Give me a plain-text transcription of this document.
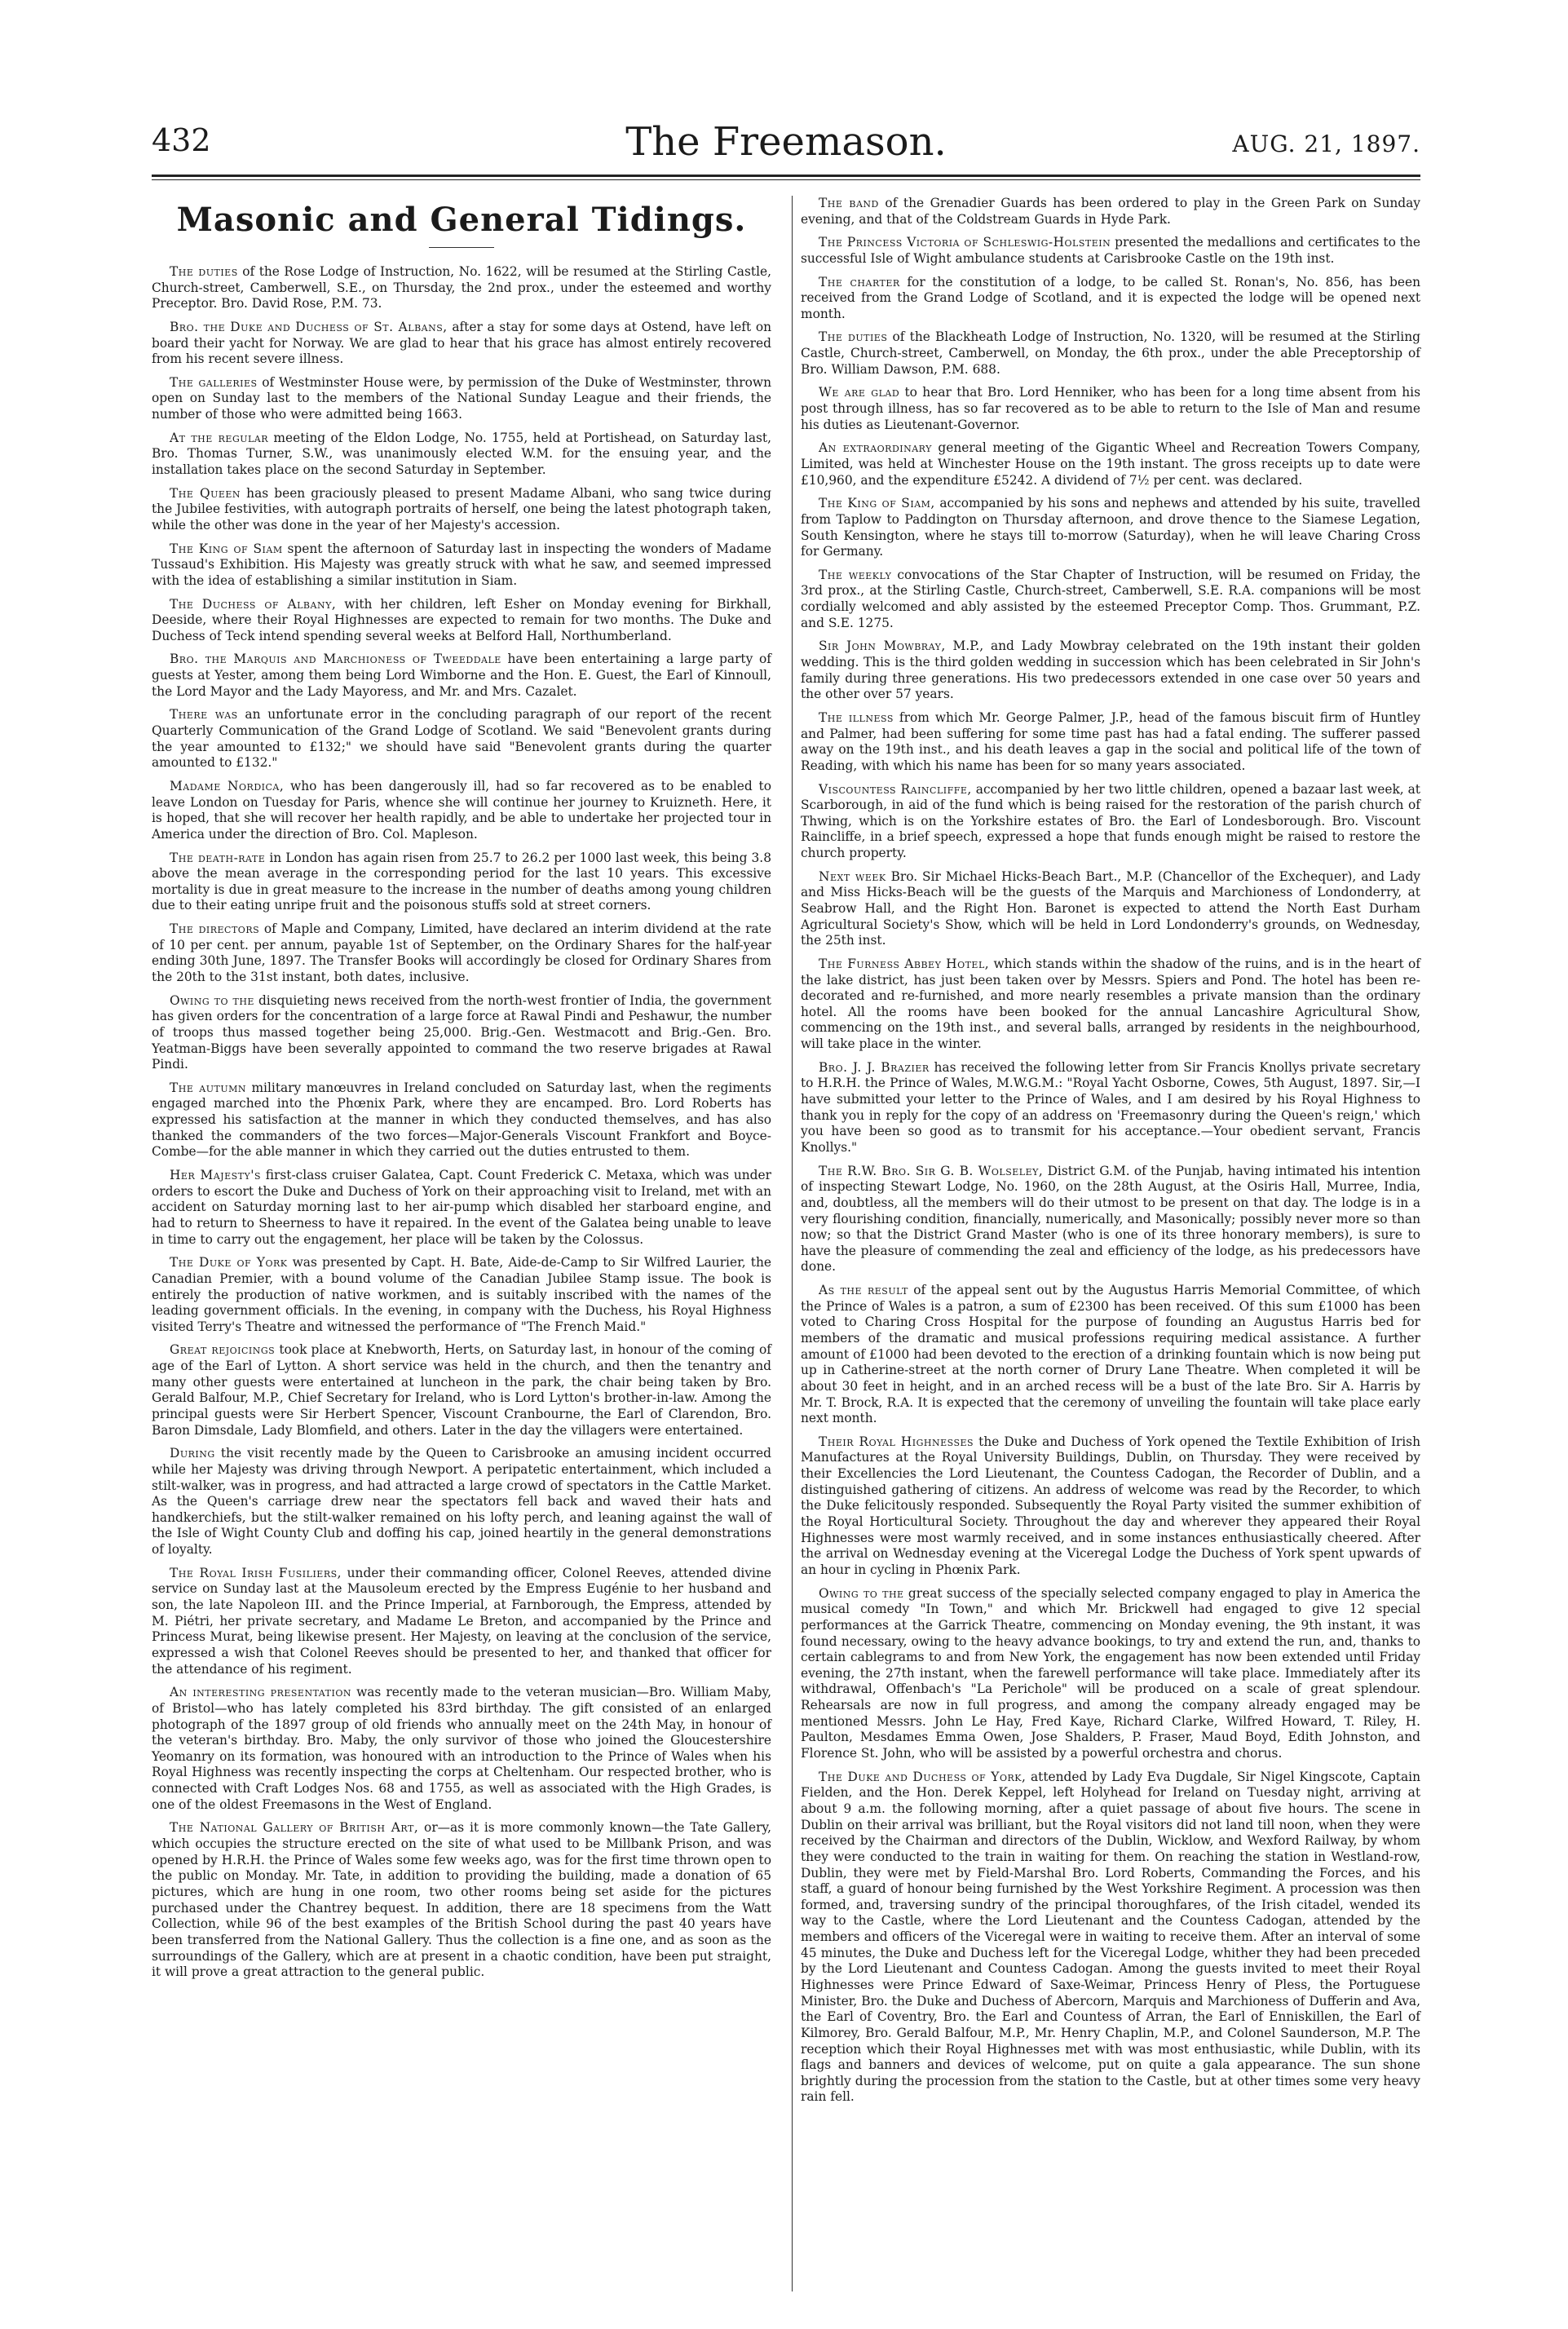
432	The Freemason.	AUG. 21, 1897.
Masonic and General Tidings.

The duties of the Rose Lodge of Instruction, No. 1622, will be resumed at the Stirling Castle, Church-street, Camberwell, S.E., on Thursday, the 2nd prox., under the esteemed and worthy Preceptor. Bro. David Rose, P.M. 73.

Bro. the Duke and Duchess of St. Albans, after a stay for some days at Ostend, have left on board their yacht for Norway. We are glad to hear that his grace has almost entirely recovered from his recent severe illness.

The galleries of Westminster House were, by permission of the Duke of Westminster, thrown open on Sunday last to the members of the National Sunday League and their friends, the number of those who were admitted being 1663.

At the regular meeting of the Eldon Lodge, No. 1755, held at Portishead, on Saturday last, Bro. Thomas Turner, S.W., was unanimously elected W.M. for the ensuing year, and the installation takes place on the second Saturday in September.

The Queen has been graciously pleased to present Madame Albani, who sang twice during the Jubilee festivities, with autograph portraits of herself, one being the latest photograph taken, while the other was done in the year of her Majesty's accession.

The King of Siam spent the afternoon of Saturday last in inspecting the wonders of Madame Tussaud's Exhibition. His Majesty was greatly struck with what he saw, and seemed impressed with the idea of establishing a similar institution in Siam.

The Duchess of Albany, with her children, left Esher on Monday evening for Birkhall, Deeside, where their Royal Highnesses are expected to remain for two months. The Duke and Duchess of Teck intend spending several weeks at Belford Hall, Northumberland.

Bro. the Marquis and Marchioness of Tweeddale have been entertaining a large party of guests at Yester, among them being Lord Wimborne and the Hon. E. Guest, the Earl of Kinnoull, the Lord Mayor and the Lady Mayoress, and Mr. and Mrs. Cazalet.

There was an unfortunate error in the concluding paragraph of our report of the recent Quarterly Communication of the Grand Lodge of Scotland. We said "Benevolent grants during the year amounted to £132;" we should have said "Benevolent grants during the quarter amounted to £132."

Madame Nordica, who has been dangerously ill, had so far recovered as to be enabled to leave London on Tuesday for Paris, whence she will continue her journey to Kruizneth. Here, it is hoped, that she will recover her health rapidly, and be able to undertake her projected tour in America under the direction of Bro. Col. Mapleson.

The death-rate in London has again risen from 25.7 to 26.2 per 1000 last week, this being 3.8 above the mean average in the corresponding period for the last 10 years. This excessive mortality is due in great measure to the increase in the number of deaths among young children due to their eating unripe fruit and the poisonous stuffs sold at street corners.

The directors of Maple and Company, Limited, have declared an interim dividend at the rate of 10 per cent. per annum, payable 1st of September, on the Ordinary Shares for the half-year ending 30th June, 1897. The Transfer Books will accordingly be closed for Ordinary Shares from the 20th to the 31st instant, both dates, inclusive.

Owing to the disquieting news received from the north-west frontier of India, the government has given orders for the concentration of a large force at Rawal Pindi and Peshawur, the number of troops thus massed together being 25,000. Brig.-Gen. Westmacott and Brig.-Gen. Bro. Yeatman-Biggs have been severally appointed to command the two reserve brigades at Rawal Pindi.

The autumn military manœuvres in Ireland concluded on Saturday last, when the regiments engaged marched into the Phœnix Park, where they are encamped. Bro. Lord Roberts has expressed his satisfaction at the manner in which they conducted themselves, and has also thanked the commanders of the two forces—Major-Generals Viscount Frankfort and Boyce-Combe—for the able manner in which they carried out the duties entrusted to them.

Her Majesty's first-class cruiser Galatea, Capt. Count Frederick C. Metaxa, which was under orders to escort the Duke and Duchess of York on their approaching visit to Ireland, met with an accident on Saturday morning last to her air-pump which disabled her starboard engine, and had to return to Sheerness to have it repaired. In the event of the Galatea being unable to leave in time to carry out the engagement, her place will be taken by the Colossus.

The Duke of York was presented by Capt. H. Bate, Aide-de-Camp to Sir Wilfred Laurier, the Canadian Premier, with a bound volume of the Canadian Jubilee Stamp issue. The book is entirely the production of native workmen, and is suitably inscribed with the names of the leading government officials. In the evening, in company with the Duchess, his Royal Highness visited Terry's Theatre and witnessed the performance of "The French Maid."

Great rejoicings took place at Knebworth, Herts, on Saturday last, in honour of the coming of age of the Earl of Lytton. A short service was held in the church, and then the tenantry and many other guests were entertained at luncheon in the park, the chair being taken by Bro. Gerald Balfour, M.P., Chief Secretary for Ireland, who is Lord Lytton's brother-in-law. Among the principal guests were Sir Herbert Spencer, Viscount Cranbourne, the Earl of Clarendon, Bro. Baron Dimsdale, Lady Blomfield, and others. Later in the day the villagers were entertained.

During the visit recently made by the Queen to Carisbrooke an amusing incident occurred while her Majesty was driving through Newport. A peripatetic entertainment, which included a stilt-walker, was in progress, and had attracted a large crowd of spectators in the Cattle Market. As the Queen's carriage drew near the spectators fell back and waved their hats and handkerchiefs, but the stilt-walker remained on his lofty perch, and leaning against the wall of the Isle of Wight County Club and doffing his cap, joined heartily in the general demonstrations of loyalty.

The Royal Irish Fusiliers, under their commanding officer, Colonel Reeves, attended divine service on Sunday last at the Mausoleum erected by the Empress Eugénie to her husband and son, the late Napoleon III. and the Prince Imperial, at Farnborough, the Empress, attended by M. Piétri, her private secretary, and Madame Le Breton, and accompanied by the Prince and Princess Murat, being likewise present. Her Majesty, on leaving at the conclusion of the service, expressed a wish that Colonel Reeves should be presented to her, and thanked that officer for the attendance of his regiment.

An interesting presentation was recently made to the veteran musician—Bro. William Maby, of Bristol—who has lately completed his 83rd birthday. The gift consisted of an enlarged photograph of the 1897 group of old friends who annually meet on the 24th May, in honour of the veteran's birthday. Bro. Maby, the only survivor of those who joined the Gloucestershire Yeomanry on its formation, was honoured with an introduction to the Prince of Wales when his Royal Highness was recently inspecting the corps at Cheltenham. Our respected brother, who is connected with Craft Lodges Nos. 68 and 1755, as well as associated with the High Grades, is one of the oldest Freemasons in the West of England.

The National Gallery of British Art, or—as it is more commonly known—the Tate Gallery, which occupies the structure erected on the site of what used to be Millbank Prison, and was opened by H.R.H. the Prince of Wales some few weeks ago, was for the first time thrown open to the public on Monday. Mr. Tate, in addition to providing the building, made a donation of 65 pictures, which are hung in one room, two other rooms being set aside for the pictures purchased under the Chantrey bequest. In addition, there are 18 specimens from the Watt Collection, while 96 of the best examples of the British School during the past 40 years have been transferred from the National Gallery. Thus the collection is a fine one, and as soon as the surroundings of the Gallery, which are at present in a chaotic condition, have been put straight, it will prove a great attraction to the general public.

The band of the Grenadier Guards has been ordered to play in the Green Park on Sunday evening, and that of the Coldstream Guards in Hyde Park.

The Princess Victoria of Schleswig-Holstein presented the medallions and certificates to the successful Isle of Wight ambulance students at Carisbrooke Castle on the 19th inst.

The charter for the constitution of a lodge, to be called St. Ronan's, No. 856, has been received from the Grand Lodge of Scotland, and it is expected the lodge will be opened next month.

The duties of the Blackheath Lodge of Instruction, No. 1320, will be resumed at the Stirling Castle, Church-street, Camberwell, on Monday, the 6th prox., under the able Preceptorship of Bro. William Dawson, P.M. 688.

We are glad to hear that Bro. Lord Henniker, who has been for a long time absent from his post through illness, has so far recovered as to be able to return to the Isle of Man and resume his duties as Lieutenant-Governor.

An extraordinary general meeting of the Gigantic Wheel and Recreation Towers Company, Limited, was held at Winchester House on the 19th instant. The gross receipts up to date were £10,960, and the expenditure £5242. A dividend of 7½ per cent. was declared.

The King of Siam, accompanied by his sons and nephews and attended by his suite, travelled from Taplow to Paddington on Thursday afternoon, and drove thence to the Siamese Legation, South Kensington, where he stays till to-morrow (Saturday), when he will leave Charing Cross for Germany.

The weekly convocations of the Star Chapter of Instruction, will be resumed on Friday, the 3rd prox., at the Stirling Castle, Church-street, Camberwell, S.E. R.A. companions will be most cordially welcomed and ably assisted by the esteemed Preceptor Comp. Thos. Grummant, P.Z. and S.E. 1275.

Sir John Mowbray, M.P., and Lady Mowbray celebrated on the 19th instant their golden wedding. This is the third golden wedding in succession which has been celebrated in Sir John's family during three generations. His two predecessors extended in one case over 50 years and the other over 57 years.

The illness from which Mr. George Palmer, J.P., head of the famous biscuit firm of Huntley and Palmer, had been suffering for some time past has had a fatal ending. The sufferer passed away on the 19th inst., and his death leaves a gap in the social and political life of the town of Reading, with which his name has been for so many years associated.

Viscountess Raincliffe, accompanied by her two little children, opened a bazaar last week, at Scarborough, in aid of the fund which is being raised for the restoration of the parish church of Thwing, which is on the Yorkshire estates of Bro. the Earl of Londesborough. Bro. Viscount Raincliffe, in a brief speech, expressed a hope that funds enough might be raised to restore the church property.

Next week Bro. Sir Michael Hicks-Beach Bart., M.P. (Chancellor of the Exchequer), and Lady and Miss Hicks-Beach will be the guests of the Marquis and Marchioness of Londonderry, at Seabrow Hall, and the Right Hon. Baronet is expected to attend the North East Durham Agricultural Society's Show, which will be held in Lord Londonderry's grounds, on Wednesday, the 25th inst.

The Furness Abbey Hotel, which stands within the shadow of the ruins, and is in the heart of the lake district, has just been taken over by Messrs. Spiers and Pond. The hotel has been re-decorated and re-furnished, and more nearly resembles a private mansion than the ordinary hotel. All the rooms have been booked for the annual Lancashire Agricultural Show, commencing on the 19th inst., and several balls, arranged by residents in the neighbourhood, will take place in the winter.

Bro. J. J. Brazier has received the following letter from Sir Francis Knollys private secretary to H.R.H. the Prince of Wales, M.W.G.M.: "Royal Yacht Osborne, Cowes, 5th August, 1897. Sir,—I have submitted your letter to the Prince of Wales, and I am desired by his Royal Highness to thank you in reply for the copy of an address on 'Freemasonry during the Queen's reign,' which you have been so good as to transmit for his acceptance.—Your obedient servant, Francis Knollys."

The R.W. Bro. Sir G. B. Wolseley, District G.M. of the Punjab, having intimated his intention of inspecting Stewart Lodge, No. 1960, on the 28th August, at the Osiris Hall, Murree, India, and, doubtless, all the members will do their utmost to be present on that day. The lodge is in a very flourishing condition, financially, numerically, and Masonically; possibly never more so than now; so that the District Grand Master (who is one of its three honorary members), is sure to have the pleasure of commending the zeal and efficiency of the lodge, as his predecessors have done.

As the result of the appeal sent out by the Augustus Harris Memorial Committee, of which the Prince of Wales is a patron, a sum of £2300 has been received. Of this sum £1000 has been voted to Charing Cross Hospital for the purpose of founding an Augustus Harris bed for members of the dramatic and musical professions requiring medical assistance. A further amount of £1000 had been devoted to the erection of a drinking fountain which is now being put up in Catherine-street at the north corner of Drury Lane Theatre. When completed it will be about 30 feet in height, and in an arched recess will be a bust of the late Bro. Sir A. Harris by Mr. T. Brock, R.A. It is expected that the ceremony of unveiling the fountain will take place early next month.

Their Royal Highnesses the Duke and Duchess of York opened the Textile Exhibition of Irish Manufactures at the Royal University Buildings, Dublin, on Thursday. They were received by their Excellencies the Lord Lieutenant, the Countess Cadogan, the Recorder of Dublin, and a distinguished gathering of citizens. An address of welcome was read by the Recorder, to which the Duke felicitously responded. Subsequently the Royal Party visited the summer exhibition of the Royal Horticultural Society. Throughout the day and wherever they appeared their Royal Highnesses were most warmly received, and in some instances enthusiastically cheered. After the arrival on Wednesday evening at the Viceregal Lodge the Duchess of York spent upwards of an hour in cycling in Phœnix Park.

Owing to the great success of the specially selected company engaged to play in America the musical comedy "In Town," and which Mr. Brickwell had engaged to give 12 special performances at the Garrick Theatre, commencing on Monday evening, the 9th instant, it was found necessary, owing to the heavy advance bookings, to try and extend the run, and, thanks to certain cablegrams to and from New York, the engagement has now been extended until Friday evening, the 27th instant, when the farewell performance will take place. Immediately after its withdrawal, Offenbach's "La Perichole" will be produced on a scale of great splendour. Rehearsals are now in full progress, and among the company already engaged may be mentioned Messrs. John Le Hay, Fred Kaye, Richard Clarke, Wilfred Howard, T. Riley, H. Paulton, Mesdames Emma Owen, Jose Shalders, P. Fraser, Maud Boyd, Edith Johnston, and Florence St. John, who will be assisted by a powerful orchestra and chorus.

The Duke and Duchess of York, attended by Lady Eva Dugdale, Sir Nigel Kingscote, Captain Fielden, and the Hon. Derek Keppel, left Holyhead for Ireland on Tuesday night, arriving at about 9 a.m. the following morning, after a quiet passage of about five hours. The scene in Dublin on their arrival was brilliant, but the Royal visitors did not land till noon, when they were received by the Chairman and directors of the Dublin, Wicklow, and Wexford Railway, by whom they were conducted to the train in waiting for them. On reaching the station in Westland-row, Dublin, they were met by Field-Marshal Bro. Lord Roberts, Commanding the Forces, and his staff, a guard of honour being furnished by the West Yorkshire Regiment. A procession was then formed, and, traversing sundry of the principal thoroughfares, of the Irish citadel, wended its way to the Castle, where the Lord Lieutenant and the Countess Cadogan, attended by the members and officers of the Viceregal were in waiting to receive them. After an interval of some 45 minutes, the Duke and Duchess left for the Viceregal Lodge, whither they had been preceded by the Lord Lieutenant and Countess Cadogan. Among the guests invited to meet their Royal Highnesses were Prince Edward of Saxe-Weimar, Princess Henry of Pless, the Portuguese Minister, Bro. the Duke and Duchess of Abercorn, Marquis and Marchioness of Dufferin and Ava, the Earl of Coventry, Bro. the Earl and Countess of Arran, the Earl of Enniskillen, the Earl of Kilmorey, Bro. Gerald Balfour, M.P., Mr. Henry Chaplin, M.P., and Colonel Saunderson, M.P. The reception which their Royal Highnesses met with was most enthusiastic, while Dublin, with its flags and banners and devices of welcome, put on quite a gala appearance. The sun shone brightly during the procession from the station to the Castle, but at other times some very heavy rain fell.
